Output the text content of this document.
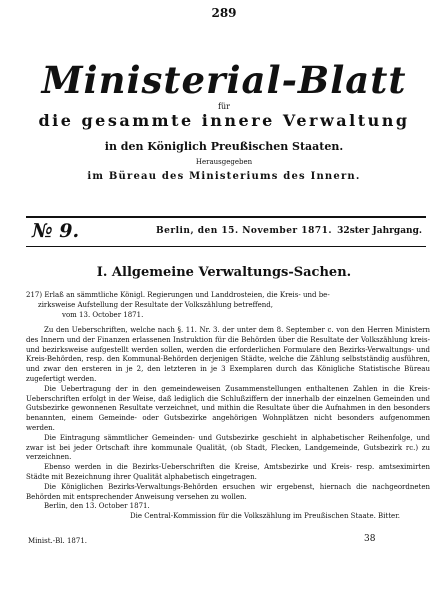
289
Ministerial-Blatt
für
die gesammte innere Verwaltung
in den Königlich Preußischen Staaten.
Herausgegeben
im Büreau des Ministeriums des Innern.
№ 9.	Berlin, den 15. November 1871. 32ster Jahrgang.
I. Allgemeine Verwaltungs-Sachen.
217) Erlaß an sämmtliche Königl. Regierungen und Landdrosteien, die Kreis- und be-
zirksweise Aufstellung der Resultate der Volkszählung betreffend,
vom 13. October 1871.

Zu den Ueberschriften, welche nach §. 11. Nr. 3. der unter dem 8. September c. von den Herren Ministern des Innern und der Finanzen erlassenen Instruktion für die Behörden über die Resultate der Volkszählung kreis- und bezirksweise aufgestellt werden sollen, werden die erforderlichen Formulare den Bezirks-Verwaltungs- und Kreis-Behörden, resp. den Kommunal-Behörden derjenigen Städte, welche die Zählung selbstständig ausführen, und zwar den ersteren in je 2, den letzteren in je 3 Exemplaren durch das Königliche Statistische Büreau zugefertigt werden.

Die Uebertragung der in den gemeindeweisen Zusammenstellungen enthaltenen Zahlen in die Kreis-Ueberschriften erfolgt in der Weise, daß lediglich die Schlußziffern der innerhalb der einzelnen Gemeinden und Gutsbezirke gewonnenen Resultate verzeichnet, und mithin die Resultate über die Aufnahmen in den besonders benannten, einem Gemeinde- oder Gutsbezirke angehörigen Wohnplätzen nicht besonders aufgenommen werden.

Die Eintragung sämmtlicher Gemeinden- und Gutsbezirke geschieht in alphabetischer Reihenfolge, und zwar ist bei jeder Ortschaft ihre kommunale Qualität, (ob Stadt, Flecken, Landgemeinde, Gutsbezirk rc.) zu verzeichnen.

Ebenso werden in die Bezirks-Ueberschriften die Kreise, Amtsbezirke und Kreis- resp. amtseximirten Städte mit Bezeichnung ihrer Qualität alphabetisch eingetragen.

Die Königlichen Bezirks-Verwaltungs-Behörden ersuchen wir ergebenst, hiernach die nachgeordneten Behörden mit entsprechender Anweisung versehen zu wollen.

Berlin, den 13. October 1871.
Die Central-Kommission für die Volkszählung im Preußischen Staate. Bitter.
Minist.-Bl. 1871.	38
